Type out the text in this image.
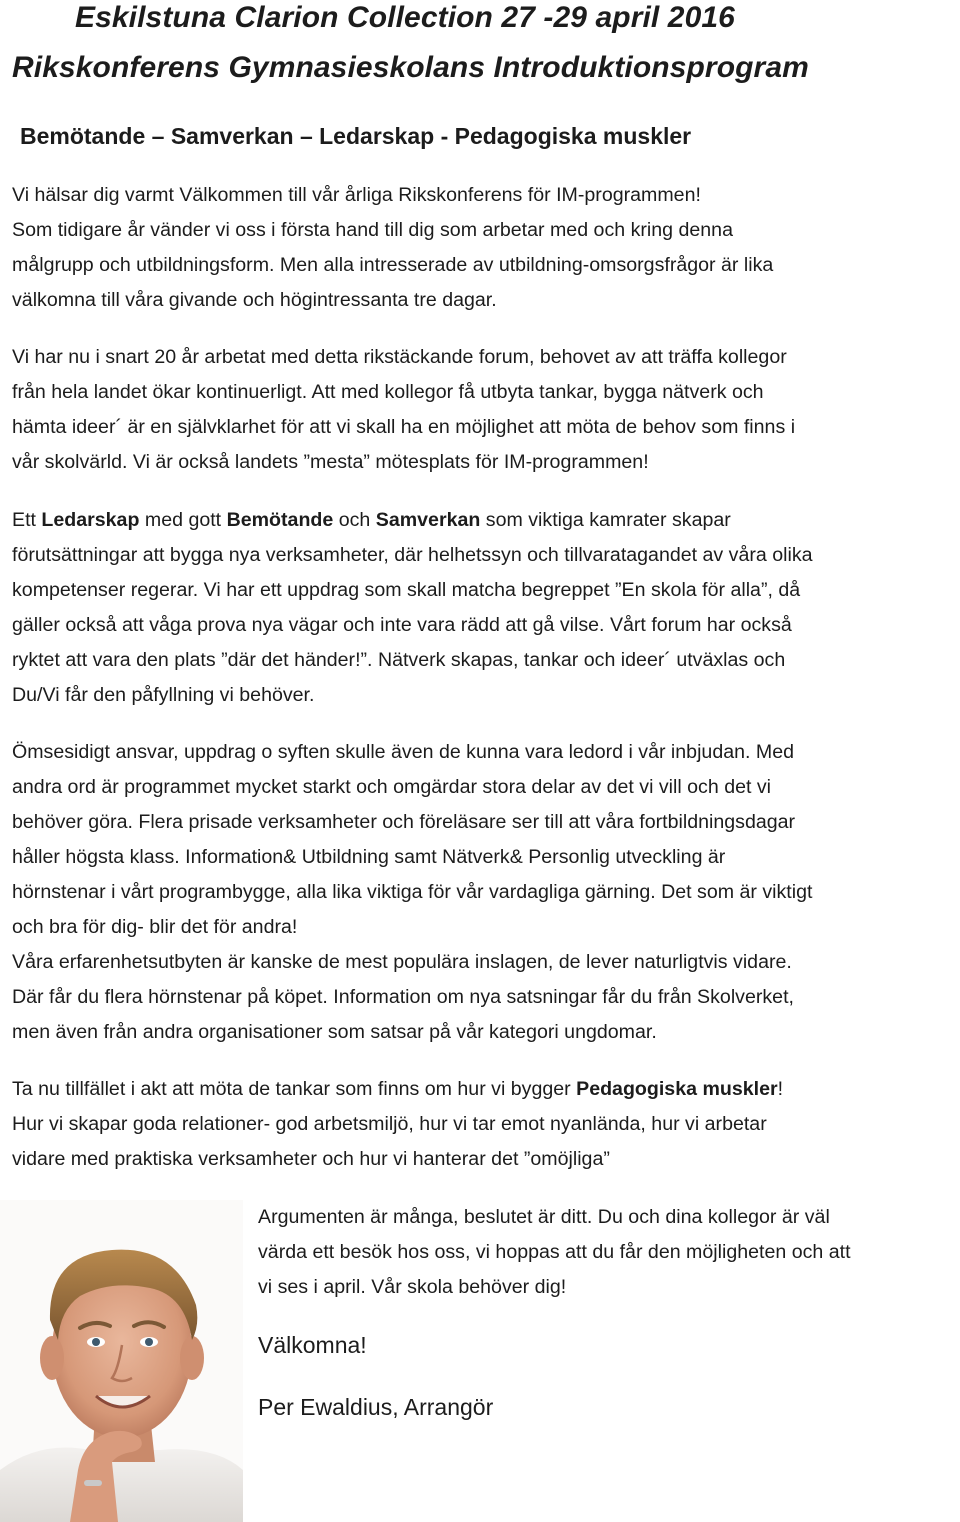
Eskilstuna Clarion Collection 27 -29 april 2016
Rikskonferens Gymnasieskolans Introduktionsprogram
Bemötande – Samverkan – Ledarskap - Pedagogiska muskler
Vi hälsar dig varmt Välkommen till vår årliga Rikskonferens för IM-programmen!
Som tidigare år vänder vi oss i första hand till dig som arbetar med och kring denna
målgrupp och utbildningsform. Men alla intresserade av utbildning-omsorgsfrågor är lika
välkomna till våra givande och högintressanta tre dagar.
Vi har nu i snart 20 år arbetat med detta rikstäckande forum, behovet av att träffa kollegor
från hela landet ökar kontinuerligt. Att med kollegor få utbyta tankar, bygga nätverk och
hämta ideer´ är en självklarhet för att vi skall ha en möjlighet att möta de behov som finns i
vår skolvärld. Vi är också landets ”mesta” mötesplats för IM-programmen!
Ett Ledarskap med gott Bemötande och Samverkan som viktiga kamrater skapar
förutsättningar att bygga nya verksamheter, där helhetssyn och tillvaratagandet av våra olika
kompetenser regerar. Vi har ett uppdrag som skall matcha begreppet ”En skola för alla”, då
gäller också att våga prova nya vägar och inte vara rädd att gå vilse. Vårt forum har också
ryktet att vara den plats ”där det händer!”. Nätverk skapas, tankar och ideer´ utväxlas och
Du/Vi får den påfyllning vi behöver.
Ömsesidigt ansvar, uppdrag o syften skulle även de kunna vara ledord i vår inbjudan. Med
andra ord är programmet mycket starkt och omgärdar stora delar av det vi vill och det vi
behöver göra. Flera prisade verksamheter och föreläsare ser till att våra fortbildningsdagar
håller högsta klass. Information& Utbildning samt Nätverk& Personlig utveckling är
hörnstenar i vårt programbygge, alla lika viktiga för vår vardagliga gärning. Det som är viktigt
och bra för dig- blir det för andra!
Våra erfarenhetsutbyten är kanske de mest populära inslagen, de lever naturligtvis vidare.
Där får du flera hörnstenar på köpet. Information om nya satsningar får du från Skolverket,
men även från andra organisationer som satsar på vår kategori ungdomar.
Ta nu tillfället i akt att möta de tankar som finns om hur vi bygger Pedagogiska muskler!
Hur vi skapar goda relationer- god arbetsmiljö, hur vi tar emot nyanlända, hur vi arbetar
vidare med praktiska verksamheter och hur vi hanterar det ”omöjliga”
Argumenten är många, beslutet är ditt. Du och dina kollegor är väl
värda ett besök hos oss, vi hoppas att du får den möjligheten och att
vi ses i april. Vår skola behöver dig!
Välkomna!
Per Ewaldius, Arrangör
